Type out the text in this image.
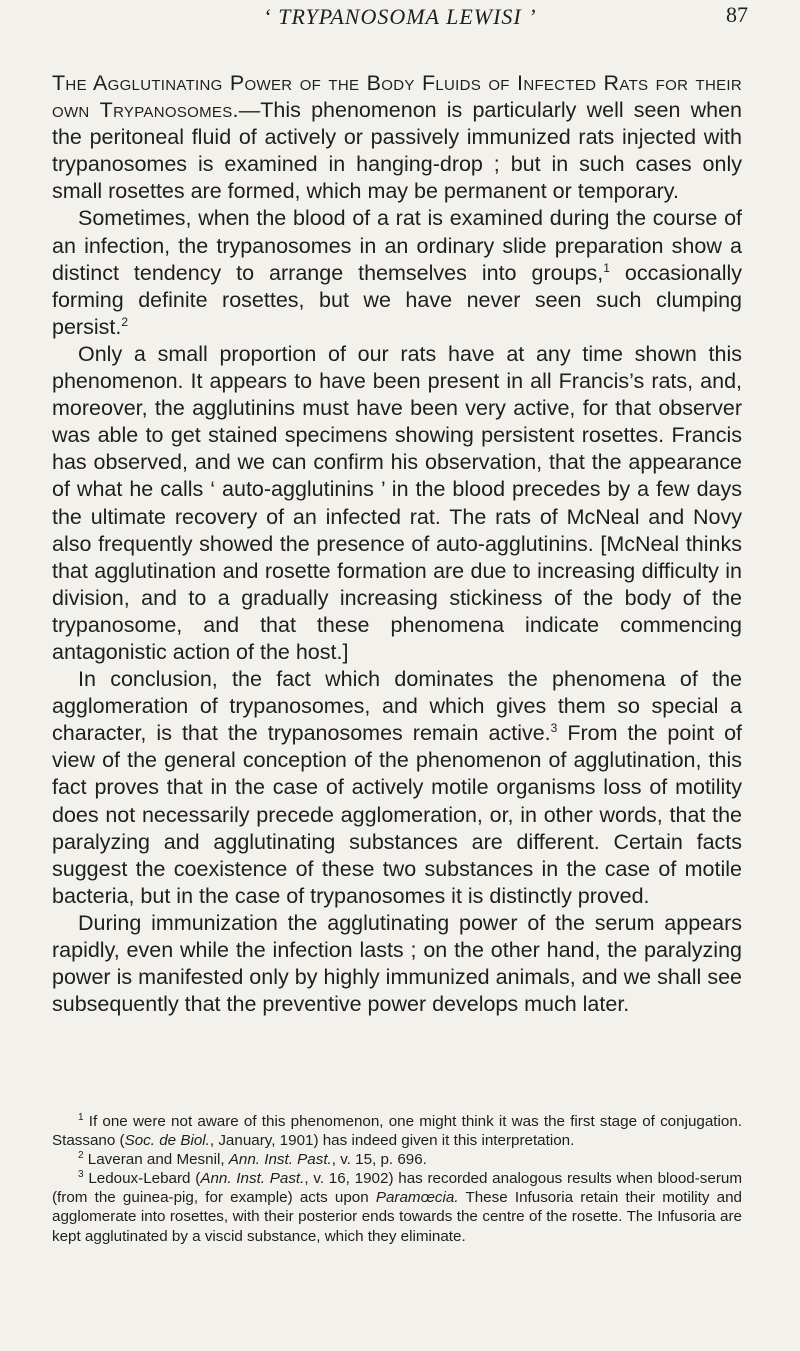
‘ TRYPANOSOMA LEWISI ’	87

The Agglutinating Power of the Body Fluids of Infected Rats for their own Trypanosomes.—This phenomenon is particularly well seen when the peritoneal fluid of actively or passively immunized rats injected with trypanosomes is examined in hanging-drop ; but in such cases only small rosettes are formed, which may be permanent or temporary.

Sometimes, when the blood of a rat is examined during the course of an infection, the trypanosomes in an ordinary slide preparation show a distinct tendency to arrange themselves into groups,$^1$ occasionally forming definite rosettes, but we have never seen such clumping persist.$^2$

Only a small proportion of our rats have at any time shown this phenomenon. It appears to have been present in all Francis’s rats, and, moreover, the agglutinins must have been very active, for that observer was able to get stained specimens showing persistent rosettes. Francis has observed, and we can confirm his observation, that the appearance of what he calls ‘ auto-agglutinins ’ in the blood precedes by a few days the ultimate recovery of an infected rat. The rats of McNeal and Novy also frequently showed the presence of auto-agglutinins. [McNeal thinks that agglutination and rosette formation are due to increasing difficulty in division, and to a gradually increasing stickiness of the body of the trypanosome, and that these phenomena indicate commencing antagonistic action of the host.]

In conclusion, the fact which dominates the phenomena of the agglomeration of trypanosomes, and which gives them so special a character, is that the trypanosomes remain active.$^3$ From the point of view of the general conception of the phenomenon of agglutination, this fact proves that in the case of actively motile organisms loss of motility does not necessarily precede agglomeration, or, in other words, that the paralyzing and agglutinating substances are different. Certain facts suggest the coexistence of these two substances in the case of motile bacteria, but in the case of trypanosomes it is distinctly proved.

During immunization the agglutinating power of the serum appears rapidly, even while the infection lasts ; on the other hand, the paralyzing power is manifested only by highly immunized animals, and we shall see subsequently that the preventive power develops much later.

$^1$ If one were not aware of this phenomenon, one might think it was the first stage of conjugation. Stassano (Soc. de Biol., January, 1901) has indeed given it this interpretation.

$^2$ Laveran and Mesnil, Ann. Inst. Past., v. 15, p. 696.

$^3$ Ledoux-Lebard (Ann. Inst. Past., v. 16, 1902) has recorded analogous results when blood-serum (from the guinea-pig, for example) acts upon Paramœcia. These Infusoria retain their motility and agglomerate into rosettes, with their posterior ends towards the centre of the rosette. The Infusoria are kept agglutinated by a viscid substance, which they eliminate.
